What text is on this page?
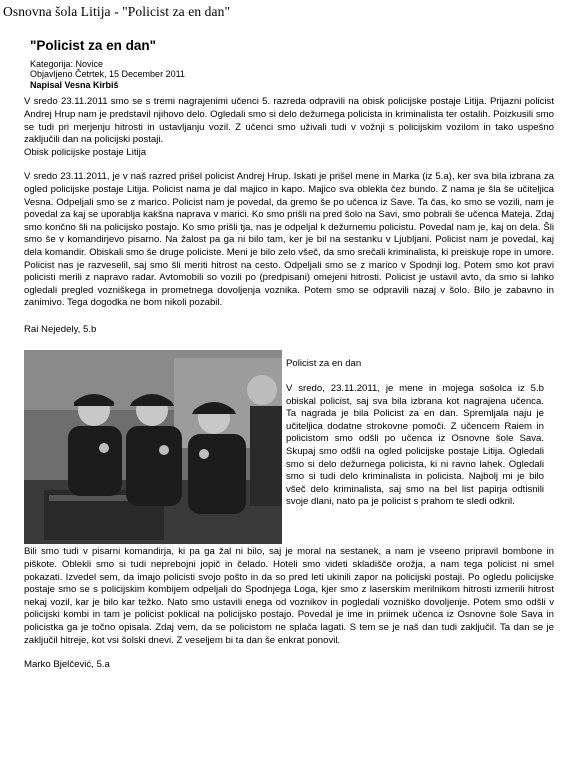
Osnovna šola Litija - "Policist za en dan"
"Policist za en dan"
Kategorija: Novice
Objavljeno Četrtek, 15 December 2011
Napisal Vesna Kirbiš

V sredo 23.11.2011 smo se s tremi nagrajenimi učenci 5. razreda odpravili na obisk policijske postaje Litija. Prijazni policist Andrej Hrup nam je predstavil njihovo delo. Ogledali smo si delo dežurnega policista in kriminalista ter ostalih. Poizkusili smo se tudi pri merjenju hitrosti in ustavljanju vozil. Z učenci smo uživali tudi v vožnji s policijskim vozilom in tako uspešno zaključili dan na policijski postaji.

Obisk policijske postaje Litija

V sredo 23.11.2011, je v naš razred prišel policist Andrej Hrup. Iskati je prišel mene in Marka (iz 5.a), ker sva bila izbrana za ogled policijske postaje Litija. Policist nama je dal majico in kapo. Majico sva oblekla čez bundo. Z nama je šla še učiteljica Vesna. Odpeljali smo se z marico. Policist nam je povedal, da gremo še po učenca iz Save. Ta čas, ko smo se vozili, nam je povedal za kaj se uporablja kakšna naprava v marici. Ko smo prišli na pred šolo na Savi, smo pobrali še učenca Mateja. Zdaj smo končno šli na policijsko postajo. Ko smo prišli tja, nas je odpeljal k dežurnemu policistu. Povedal nam je, kaj on dela. Šli smo še v komandirjevo pisarno. Na žalost pa ga ni bilo tam, ker je bil na sestanku v Ljubljani. Policist nam je povedal, kaj dela komandir. Obiskali smo še druge policiste. Meni je bilo zelo všeč, da smo srečali kriminalista, ki preiskuje rope in umore. Policist nas je razveselil, saj smo šli meriti hitrost na cesto. Odpeljali smo se z marico v Spodnji log. Potem smo kot pravi policisti merili z napravo radar. Avtomobili so vozili po (predpisani) omejeni hitrosti. Policist je ustavil avto, da smo si lahko ogledali pregled vozniškega in prometnega dovoljenja voznika. Potem smo se odpravili nazaj v šolo. Bilo je zabavno in zanimivo. Tega dogodka ne bom nikoli pozabil.

Rai Nejedely, 5.b
Policist za en dan
V sredo, 23.11.2011, je mene in mojega sošolca iz 5.b obiskal policist, saj sva bila izbrana kot nagrajena učenca. Ta nagrada je bila Policist za en dan. Spremljala naju je učiteljica dodatne strokovne pomoči. Z učencem Raiem in policistom smo odšli po učenca iz Osnovne šole Sava. Skupaj smo odšli na ogled policijske postaje Litija. Ogledali smo si delo dežurnega policista, ki ni ravno lahek. Ogledali smo si tudi delo kriminalista in policista. Najbolj mi je bilo všeč delo kriminalista, saj smo na bel list papirja odtisnili svoje dlani, nato pa je policist s prahom te sledi odkril.

Bili smo tudi v pisarni komandirja, ki pa ga žal ni bilo, saj je moral na sestanek, a nam je vseeno pripravil bombone in piškote. Oblekli smo si tudi neprebojni jopič in čelado. Hoteli smo videti skladišče orožja, a nam tega policist ni smel pokazati. Izvedel sem, da imajo policisti svojo pošto in da so pred leti ukinili zapor na policijski postaji. Po ogledu policijske postaje smo se s policijskim kombijem odpeljali do Spodnjega Loga, kjer smo z laserskim merilnikom hitrosti izmerili hitrost nekaj vozil, kar je bilo kar težko. Nato smo ustavili enega od voznikov in pogledali vozniško dovoljenje. Potem smo odšli v policijski kombi in tam je policist poklical na policijsko postajo. Povedal je ime in priimek učenca iz Osnovne šole Sava in policistka ga je točno opisala. Zdaj vem, da se policistom ne splača lagati. S tem se je naš dan tudi zaključil. Ta dan se je zaključil hitreje, kot vsi šolski dnevi. Z veseljem bi ta dan še enkrat ponovil.

Marko Bjelčević, 5.a
